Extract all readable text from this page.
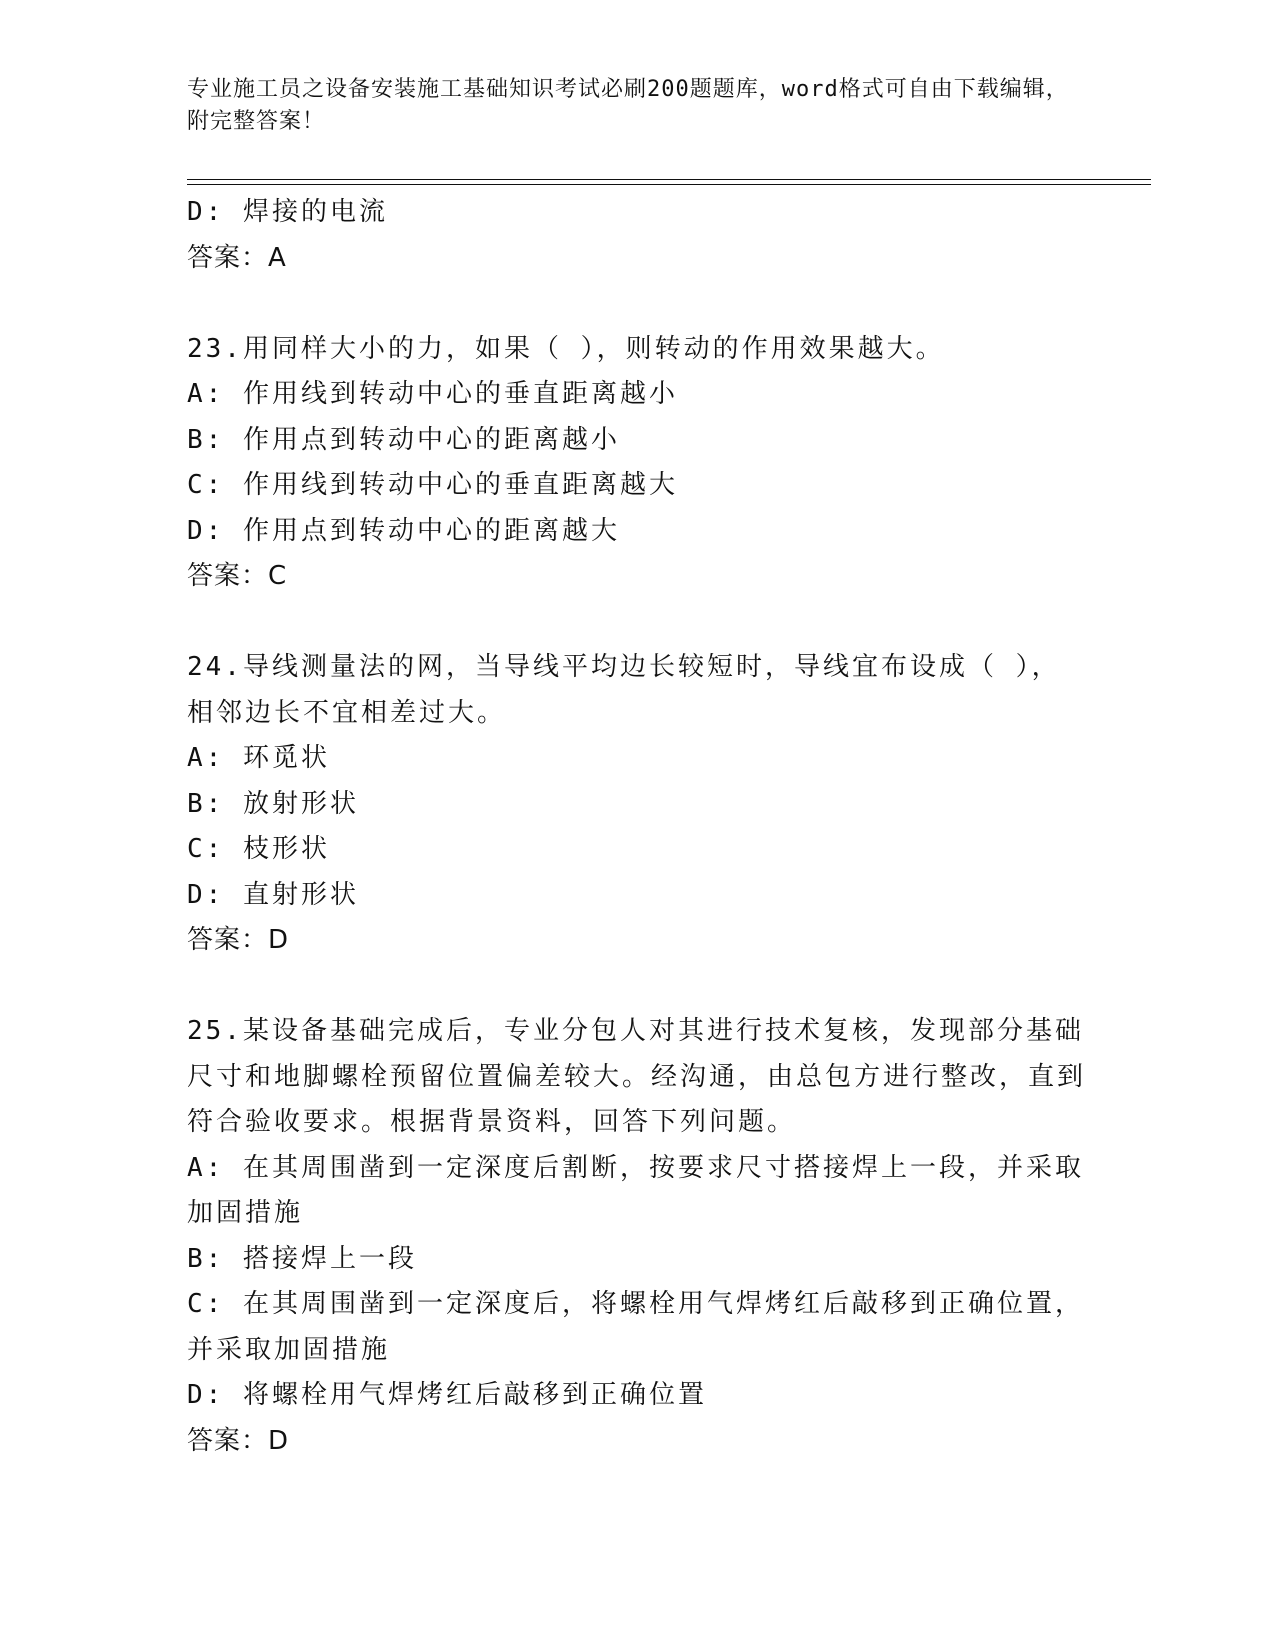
专业施工员之设备安装施工基础知识考试必刷200题题库，word格式可自由下载编辑，附完整答案！

D: 焊接的电流

答案：A

23.用同样大小的力，如果（ ），则转动的作用效果越大。

A: 作用线到转动中心的垂直距离越小

B: 作用点到转动中心的距离越小

C: 作用线到转动中心的垂直距离越大

D: 作用点到转动中心的距离越大

答案：C

24.导线测量法的网，当导线平均边长较短时，导线宜布设成（ ），相邻边长不宜相差过大。

A: 环觅状

B: 放射形状

C: 枝形状

D: 直射形状

答案：D

25.某设备基础完成后，专业分包人对其进行技术复核，发现部分基础尺寸和地脚螺栓预留位置偏差较大。经沟通，由总包方进行整改，直到符合验收要求。根据背景资料，回答下列问题。

A: 在其周围凿到一定深度后割断，按要求尺寸搭接焊上一段，并采取加固措施

B: 搭接焊上一段

C: 在其周围凿到一定深度后，将螺栓用气焊烤红后敲移到正确位置，并采取加固措施

D: 将螺栓用气焊烤红后敲移到正确位置

答案：D
